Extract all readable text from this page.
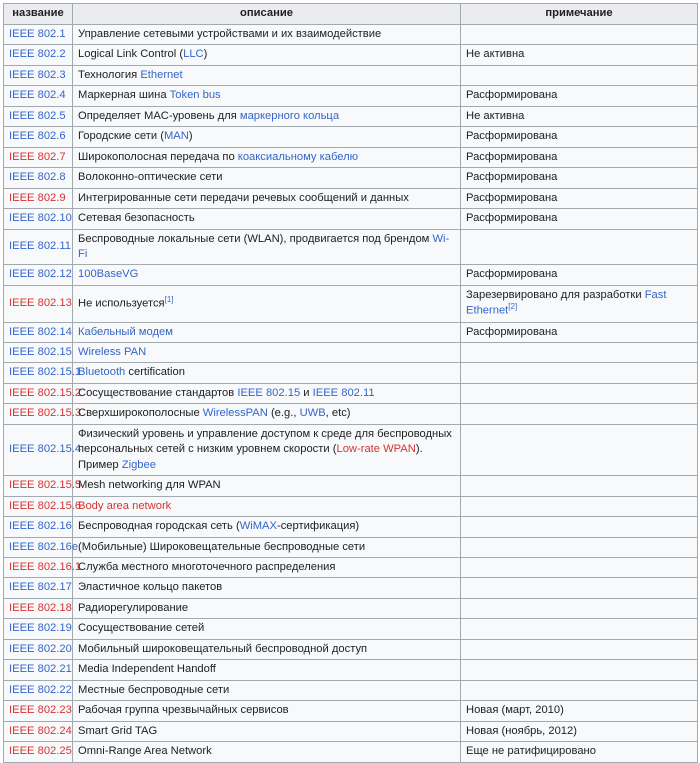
название	описание	примечание
IEEE 802.1	Управление сетевыми устройствами и их взаимодействие	
IEEE 802.2	Logical Link Control (LLC)	Не активна
IEEE 802.3	Технология Ethernet	
IEEE 802.4	Маркерная шина Token bus	Расформирована
IEEE 802.5	Определяет MAC-уровень для маркерного кольца	Не активна
IEEE 802.6	Городские сети (MAN)	Расформирована
IEEE 802.7	Широкополосная передача по коаксиальному кабелю	Расформирована
IEEE 802.8	Волоконно-оптические сети	Расформирована
IEEE 802.9	Интегрированные сети передачи речевых сообщений и данных	Расформирована
IEEE 802.10	Сетевая безопасность	Расформирована
IEEE 802.11	Беспроводные локальные сети (WLAN), продвигается под брендом Wi-Fi	
IEEE 802.12	100BaseVG	Расформирована
IEEE 802.13	Не используется[1]	Зарезервировано для разработки Fast Ethernet[2]
IEEE 802.14	Кабельный модем	Расформирована
IEEE 802.15	Wireless PAN	
IEEE 802.15.1	Bluetooth certification	
IEEE 802.15.2	Сосуществование стандартов IEEE 802.15 и IEEE 802.11	
IEEE 802.15.3	Сверхширокополосные WirelessPAN (e.g., UWB, etc)	
IEEE 802.15.4	Физический уровень и управление доступом к среде для беспроводных персональных сетей с низким уровнем скорости (Low-rate WPAN). Пример Zigbee	
IEEE 802.15.5	Mesh networking для WPAN	
IEEE 802.15.6	Body area network	
IEEE 802.16	Беспроводная городская сеть (WiMAX-сертификация)	
IEEE 802.16e	(Мобильные) Широковещательные беспроводные сети	
IEEE 802.16.1	Служба местного многоточечного распределения	
IEEE 802.17	Эластичное кольцо пакетов	
IEEE 802.18	Радиорегулирование	
IEEE 802.19	Сосуществование сетей	
IEEE 802.20	Мобильный широковещательный беспроводной доступ	
IEEE 802.21	Media Independent Handoff	
IEEE 802.22	Местные беспроводные сети	
IEEE 802.23	Рабочая группа чрезвычайных сервисов	Новая (март, 2010)
IEEE 802.24	Smart Grid TAG	Новая (ноябрь, 2012)
IEEE 802.25	Omni-Range Area Network	Еще не ратифицировано
